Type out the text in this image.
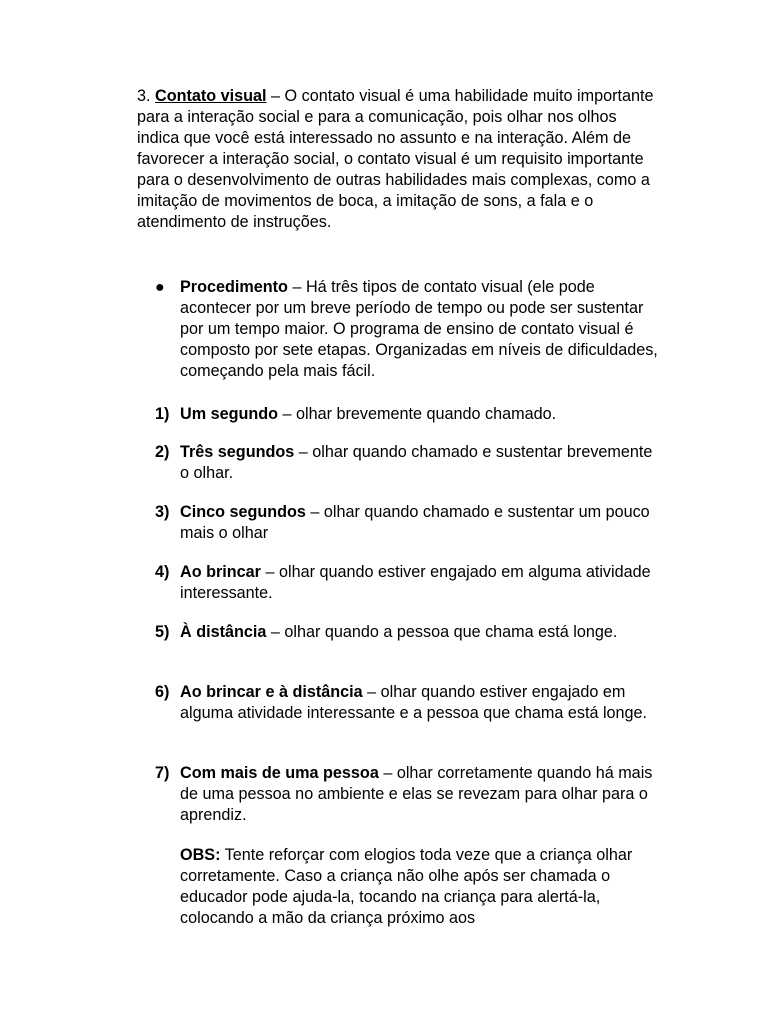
3. Contato visual – O contato visual é uma habilidade muito importante para a interação social e para a comunicação, pois olhar nos olhos indica que você está interessado no assunto e na interação. Além de favorecer a interação social, o contato visual é um requisito importante para o desenvolvimento de outras habilidades mais complexas, como a imitação de movimentos de boca, a imitação de sons, a fala e o atendimento de instruções.

● Procedimento – Há três tipos de contato visual (ele pode acontecer por um breve período de tempo ou pode ser sustentar por um tempo maior. O programa de ensino de contato visual é composto por sete etapas. Organizadas em níveis de dificuldades, começando pela mais fácil.

1) Um segundo – olhar brevemente quando chamado.

2) Três segundos – olhar quando chamado e sustentar brevemente o olhar.

3) Cinco segundos – olhar quando chamado e sustentar um pouco mais o olhar

4) Ao brincar – olhar quando estiver engajado em alguma atividade interessante.

5) À distância – olhar quando a pessoa que chama está longe.

6) Ao brincar e à distância – olhar quando estiver engajado em alguma atividade interessante e a pessoa que chama está longe.

7) Com mais de uma pessoa – olhar corretamente quando há mais de uma pessoa no ambiente e elas se revezam para olhar para o aprendiz.

OBS: Tente reforçar com elogios toda veze que a criança olhar corretamente. Caso a criança não olhe após ser chamada o educador pode ajuda-la, tocando na criança para alertá-la, colocando a mão da criança próximo aos
